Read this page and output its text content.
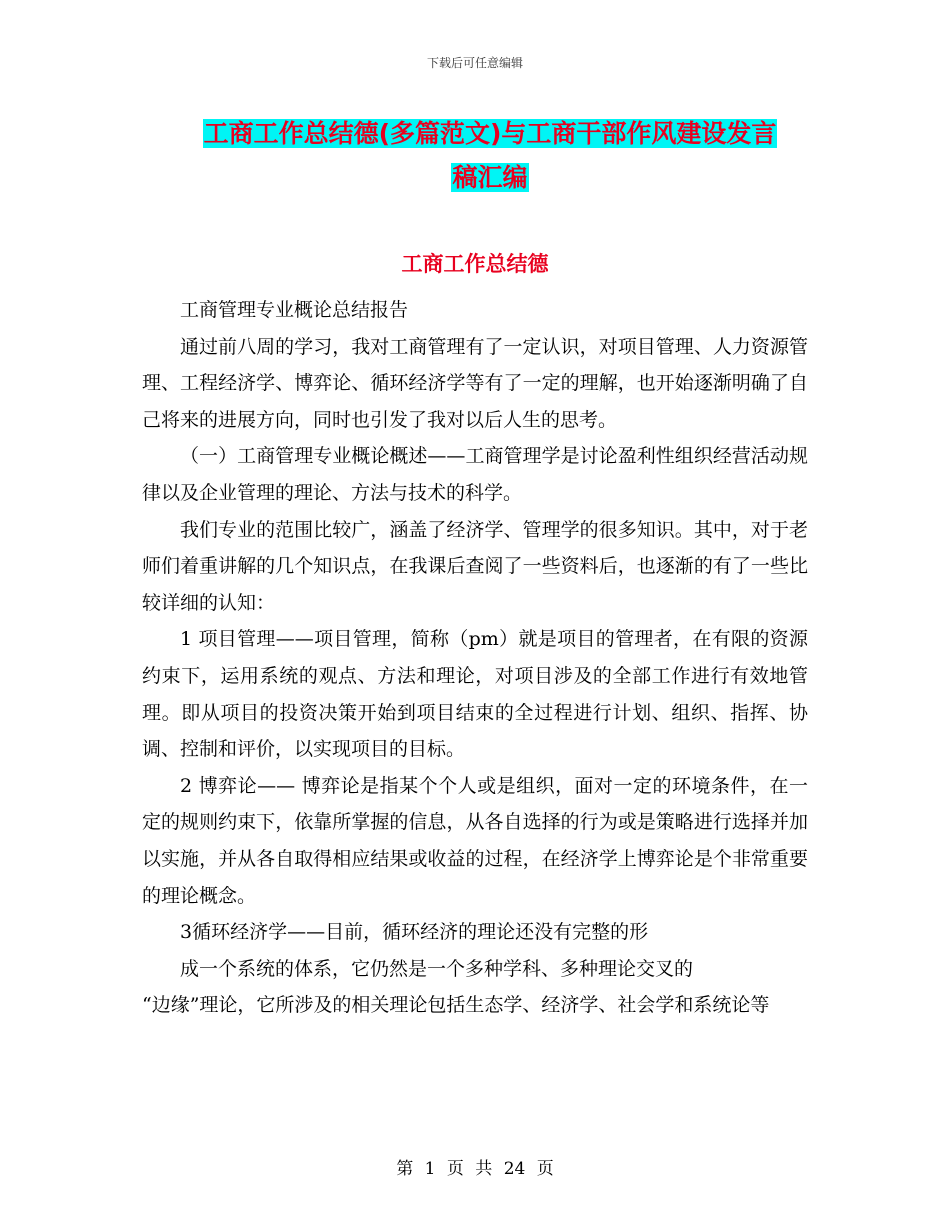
下载后可任意编辑
工商工作总结德(多篇范文)与工商干部作风建设发言
稿汇编
工商工作总结德

工商管理专业概论总结报告

通过前八周的学习，我对工商管理有了一定认识，对项目管理、人力资源管理、工程经济学、博弈论、循环经济学等有了一定的理解，也开始逐渐明确了自己将来的进展方向，同时也引发了我对以后人生的思考。

（一）工商管理专业概论概述——工商管理学是讨论盈利性组织经营活动规律以及企业管理的理论、方法与技术的科学。

我们专业的范围比较广，涵盖了经济学、管理学的很多知识。其中，对于老师们着重讲解的几个知识点，在我课后查阅了一些资料后，也逐渐的有了一些比较详细的认知：

1 项目管理——项目管理，简称（pm）就是项目的管理者，在有限的资源约束下，运用系统的观点、方法和理论，对项目涉及的全部工作进行有效地管理。即从项目的投资决策开始到项目结束的全过程进行计划、组织、指挥、协调、控制和评价，以实现项目的目标。

2 博弈论—— 博弈论是指某个个人或是组织，面对一定的环境条件，在一定的规则约束下，依靠所掌握的信息，从各自选择的行为或是策略进行选择并加以实施，并从各自取得相应结果或收益的过程，在经济学上博弈论是个非常重要的理论概念。

3循环经济学——目前，循环经济的理论还没有完整的形

成一个系统的体系，它仍然是一个多种学科、多种理论交叉的

“边缘”理论，它所涉及的相关理论包括生态学、经济学、社会学和系统论等

第 1 页 共 24 页
